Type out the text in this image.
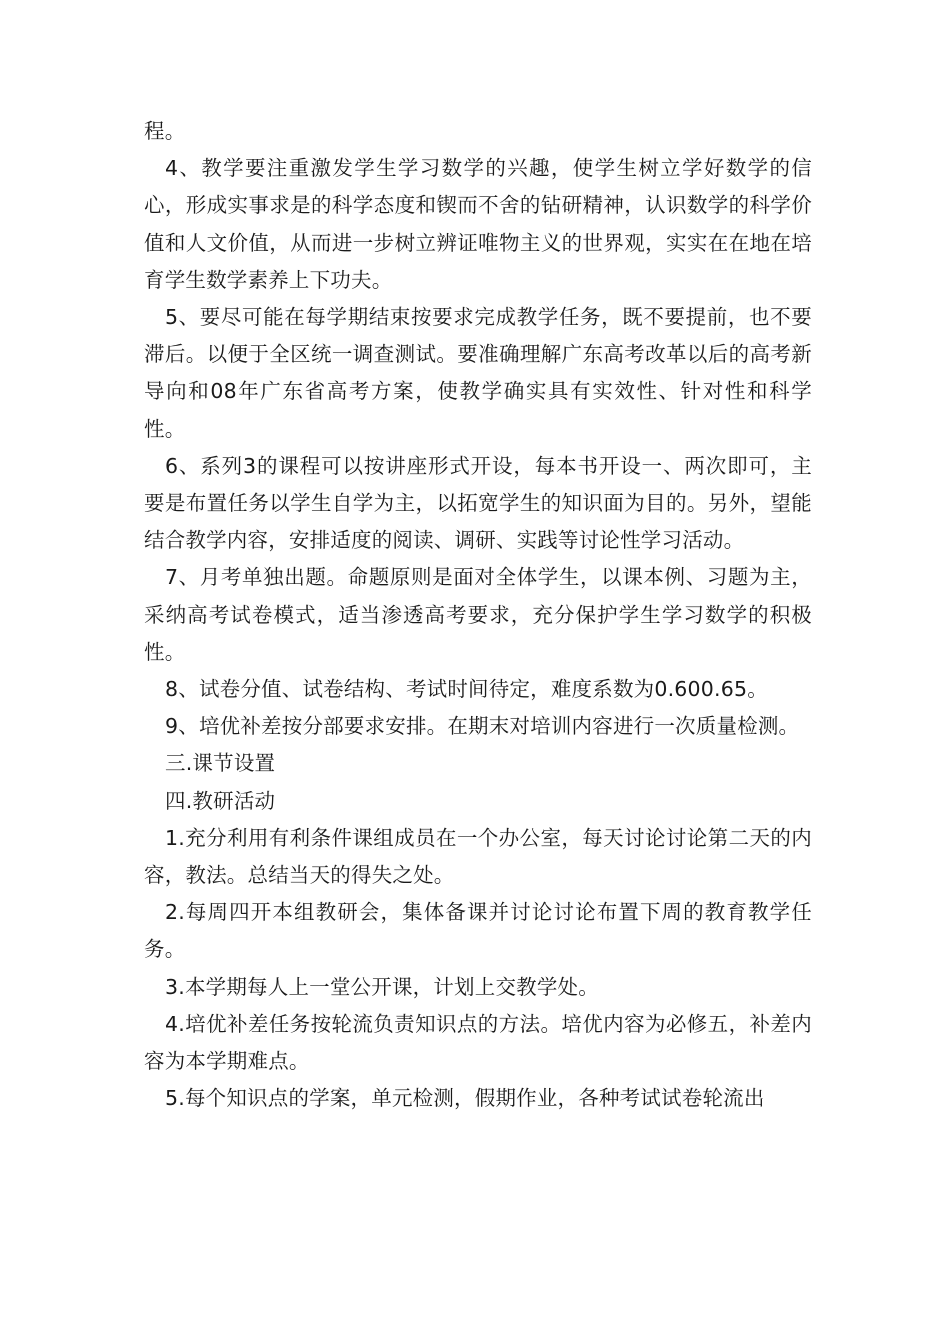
程。

4、教学要注重激发学生学习数学的兴趣，使学生树立学好数学的信心，形成实事求是的科学态度和锲而不舍的钻研精神，认识数学的科学价值和人文价值，从而进一步树立辨证唯物主义的世界观，实实在在地在培育学生数学素养上下功夫。

5、要尽可能在每学期结束按要求完成教学任务，既不要提前，也不要滞后。以便于全区统一调查测试。要准确理解广东高考改革以后的高考新导向和08年广东省高考方案，使教学确实具有实效性、针对性和科学性。

6、系列3的课程可以按讲座形式开设，每本书开设一、两次即可，主要是布置任务以学生自学为主，以拓宽学生的知识面为目的。另外，望能结合教学内容，安排适度的阅读、调研、实践等讨论性学习活动。

7、月考单独出题。命题原则是面对全体学生，以课本例、习题为主，采纳高考试卷模式，适当渗透高考要求，充分保护学生学习数学的积极性。

8、试卷分值、试卷结构、考试时间待定，难度系数为0.600.65。

9、培优补差按分部要求安排。在期末对培训内容进行一次质量检测。

三.课节设置

四.教研活动

1.充分利用有利条件课组成员在一个办公室，每天讨论讨论第二天的内容，教法。总结当天的得失之处。

2.每周四开本组教研会，集体备课并讨论讨论布置下周的教育教学任务。

3.本学期每人上一堂公开课，计划上交教学处。

4.培优补差任务按轮流负责知识点的方法。培优内容为必修五，补差内容为本学期难点。

5.每个知识点的学案，单元检测，假期作业，各种考试试卷轮流出
